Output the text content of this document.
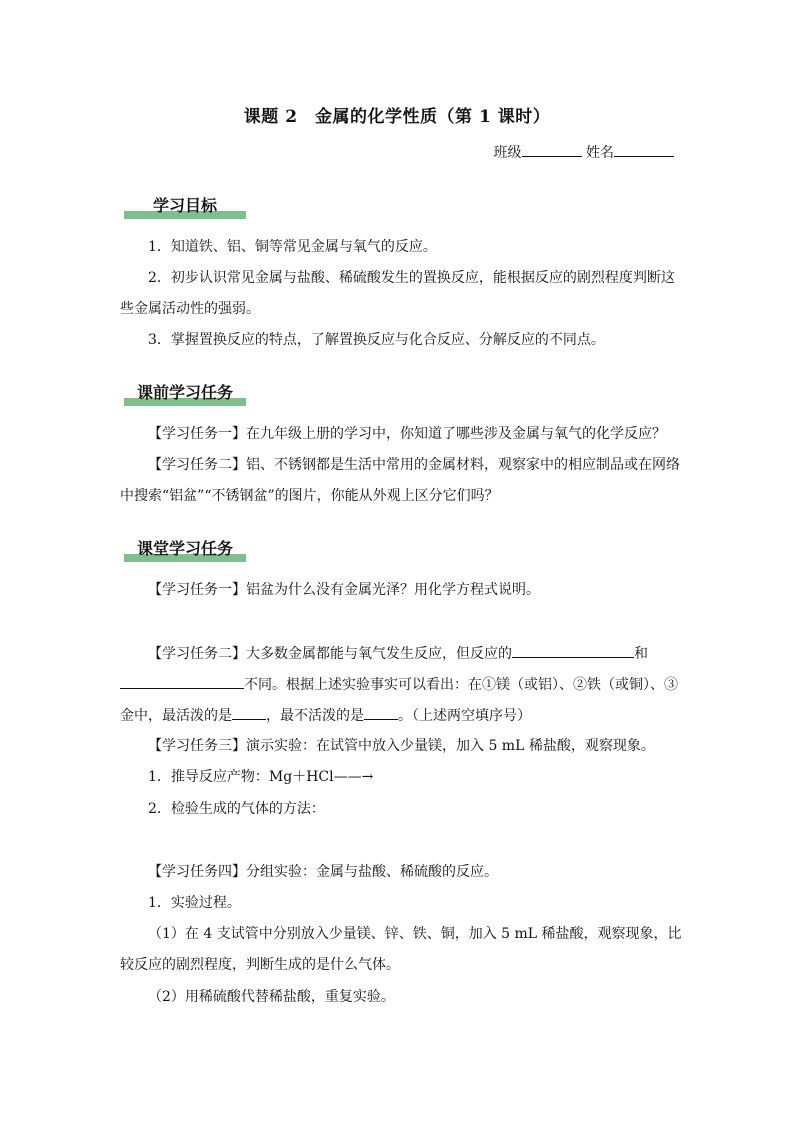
课题 2　金属的化学性质（第 1 课时）
班级	姓名
学习目标
1．知道铁、铝、铜等常见金属与氧气的反应。
2．初步认识常见金属与盐酸、稀硫酸发生的置换反应，能根据反应的剧烈程度判断这
些金属活动性的强弱。
3．掌握置换反应的特点，了解置换反应与化合反应、分解反应的不同点。
课前学习任务
【学习任务一】在九年级上册的学习中，你知道了哪些涉及金属与氧气的化学反应？
【学习任务二】铝、不锈钢都是生活中常用的金属材料，观察家中的相应制品或在网络
中搜索“铝盆”“不锈钢盆”的图片，你能从外观上区分它们吗？
课堂学习任务
【学习任务一】铝盆为什么没有金属光泽？用化学方程式说明。
【学习任务二】大多数金属都能与氧气发生反应，但反应的	和
不同。根据上述实验事实可以看出：在①镁（或铝）、②铁（或铜）、③
金中，最活泼的是 ，最不活泼的是 。（上述两空填序号）
【学习任务三】演示实验：在试管中放入少量镁，加入 5 mL 稀盐酸，观察现象。
1．推导反应产物：Mg＋HCl——→
2．检验生成的气体的方法：
【学习任务四】分组实验：金属与盐酸、稀硫酸的反应。
1．实验过程。
（1）在 4 支试管中分别放入少量镁、锌、铁、铜，加入 5 mL 稀盐酸，观察现象，比
较反应的剧烈程度，判断生成的是什么气体。
（2）用稀硫酸代替稀盐酸，重复实验。
